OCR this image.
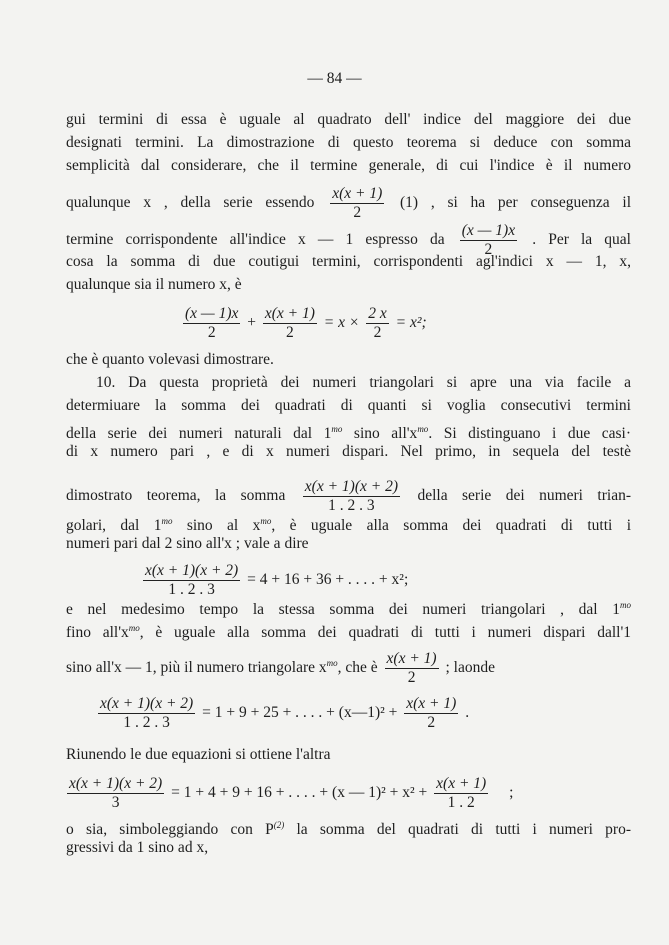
— 84 —
gui termini di essa è uguale al quadrato dell' indice del maggiore dei due
designati termini. La dimostrazione di questo teorema si deduce con somma
semplicità dal considerare, che il termine generale, di cui l'indice è il numero
qualunque x , della serie essendo $\frac{x(x + 1)}{2} (1)$ , si ha per conseguenza il
termine corrispondente all'indice x — 1 espresso da $\frac{(x — 1)x}{2}$ . Per la qual
cosa la somma di due coutigui termini, corrispondenti agl'indici x — 1, x,
qualunque sia il numero x, è
$\frac{(x — 1)x}{2} + \frac{x(x + 1)}{2} = x \times \frac{2 x}{2} = x^2$;
che è quanto volevasi dimostrare.
10. Da questa proprietà dei numeri triangolari si apre una via facile a
determiuare la somma dei quadrati di quanti si voglia consecutivi termini
della serie dei numeri naturali dal $1^{mo}$ sino $all'x^{mo}$. Si distinguano i due casi·
di x numero pari , e di x numeri dispari. Nel primo, in sequela del testè
dimostrato teorema, la somma $\frac{x(x + 1)(x + 2)}{1 . 2 . 3}$ della serie dei numeri trian-
golari, dal $1^{mo}$ sino al $x^{mo}$, è uguale alla somma dei quadrati di tutti i
numeri pari dal 2 sino all'x ; vale a dire
$\frac{x(x + 1)(x + 2)}{1 . 2 . 3} = 4 + 16 + 36$ + . . . . + x²;
e nel medesimo tempo la stessa somma dei numeri triangolari , dal $1^{mo}$
fino $all'x^{mo}$, è uguale alla somma dei quadrati di tutti i numeri dispari dall'1
sino all'x — 1, più il numero triangolare $x^{mo}$, che è $\frac{x(x + 1)}{2}$ ; laonde
$\frac{x(x + 1)(x + 2)}{1 . 2 . 3} = 1 + 9 + 25$ + . . . . + (x—1)² + $\frac{x(x + 1)}{2}$ .
Riunendo le due equazioni si ottiene l'altra
$\frac{x(x + 1)(x + 2)}{3} = 1 + 4 + 9 + 16$ + . . . . + (x — $1)^2 + x^2 + \frac{x(x + 1)}{1 . 2}$ ;
o sia, simboleggiando con $P^{(2)}$ la somma del quadrati di tutti i numeri pro-
gressivi da 1 sino ad x,
